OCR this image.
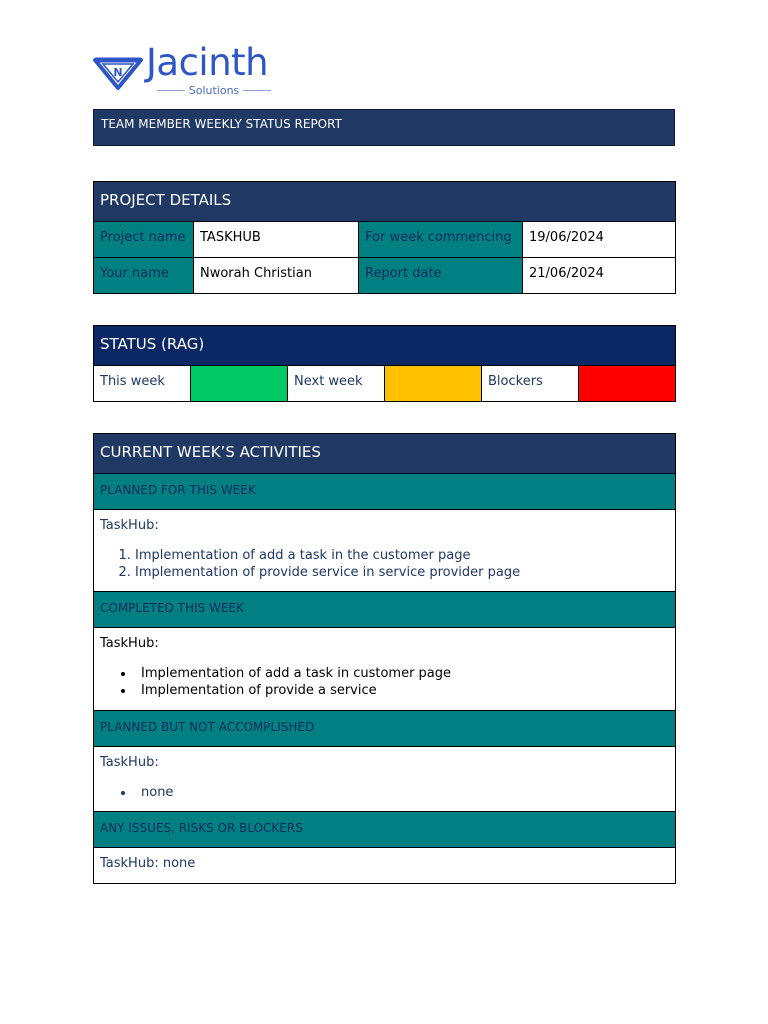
N Jacinth
Solutions
TEAM MEMBER WEEKLY STATUS REPORT
PROJECT DETAILS			
Project name	TASKHUB	For week commencing	19/06/2024
Your name	Nworah Christian	Report date	21/06/2024
STATUS (RAG)
This week		Next week		Blockers	
CURRENT WEEK’S ACTIVITIES
PLANNED FOR THIS WEEK

TaskHub:

1. Implementation of add a task in the customer page
2. Implementation of provide service in service provider page

COMPLETED THIS WEEK

TaskHub:

• Implementation of add a task in customer page
• Implementation of provide a service

PLANNED BUT NOT ACCOMPLISHED

TaskHub:

• none

ANY ISSUES, RISKS OR BLOCKERS
TaskHub: none
